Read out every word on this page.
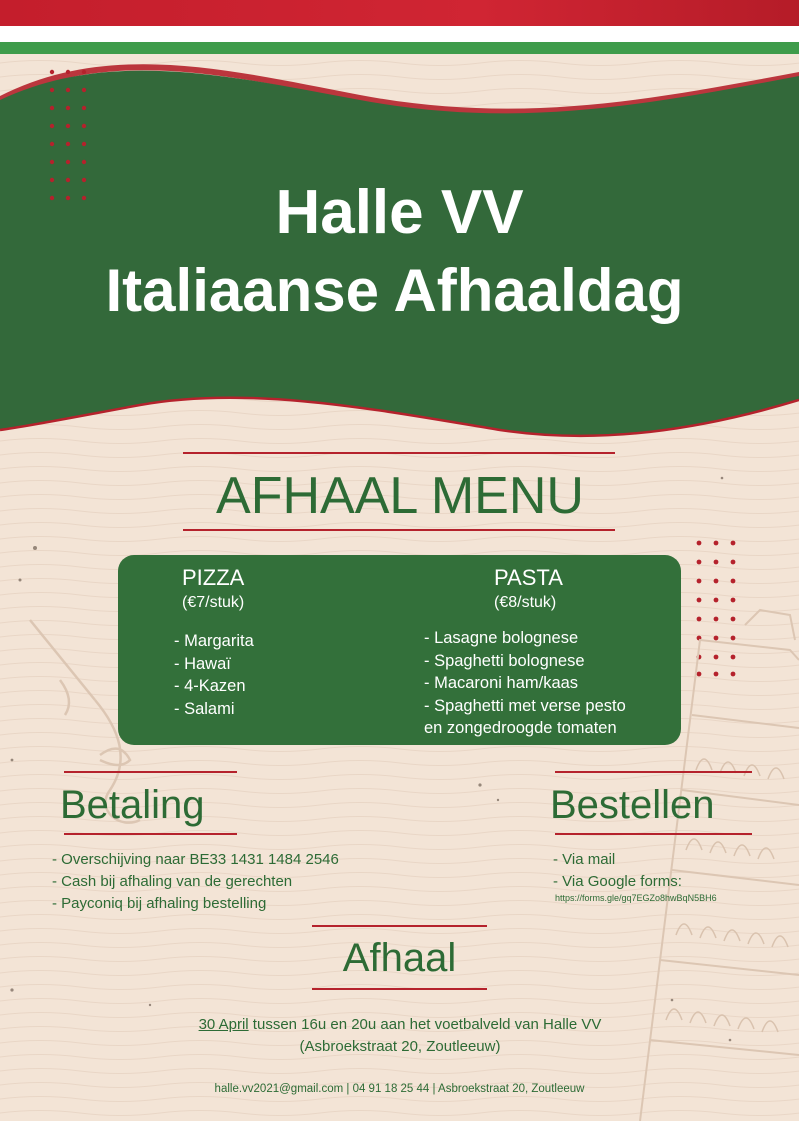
Halle VV
Italiaanse Afhaaldag
AFHAAL MENU
PIZZA
(€7/stuk)
- Margarita
- Hawaï
- 4-Kazen
- Salami
PASTA
(€8/stuk)
- Lasagne bolognese
- Spaghetti bolognese
- Macaroni ham/kaas
- Spaghetti met verse pesto
en zongedroogde tomaten
Betaling
- Overschijving naar BE33 1431 1484 2546
- Cash bij afhaling van de gerechten
- Payconiq bij afhaling bestelling
Bestellen
- Via mail
- Via Google forms:
https://forms.gle/gq7EGZo8hwBqN5BH6
Afhaal
30 April tussen 16u en 20u aan het voetbalveld van Halle VV
(Asbroekstraat 20, Zoutleeuw)
halle.vv2021@gmail.com | 04 91 18 25 44 | Asbroekstraat 20, Zoutleeuw
